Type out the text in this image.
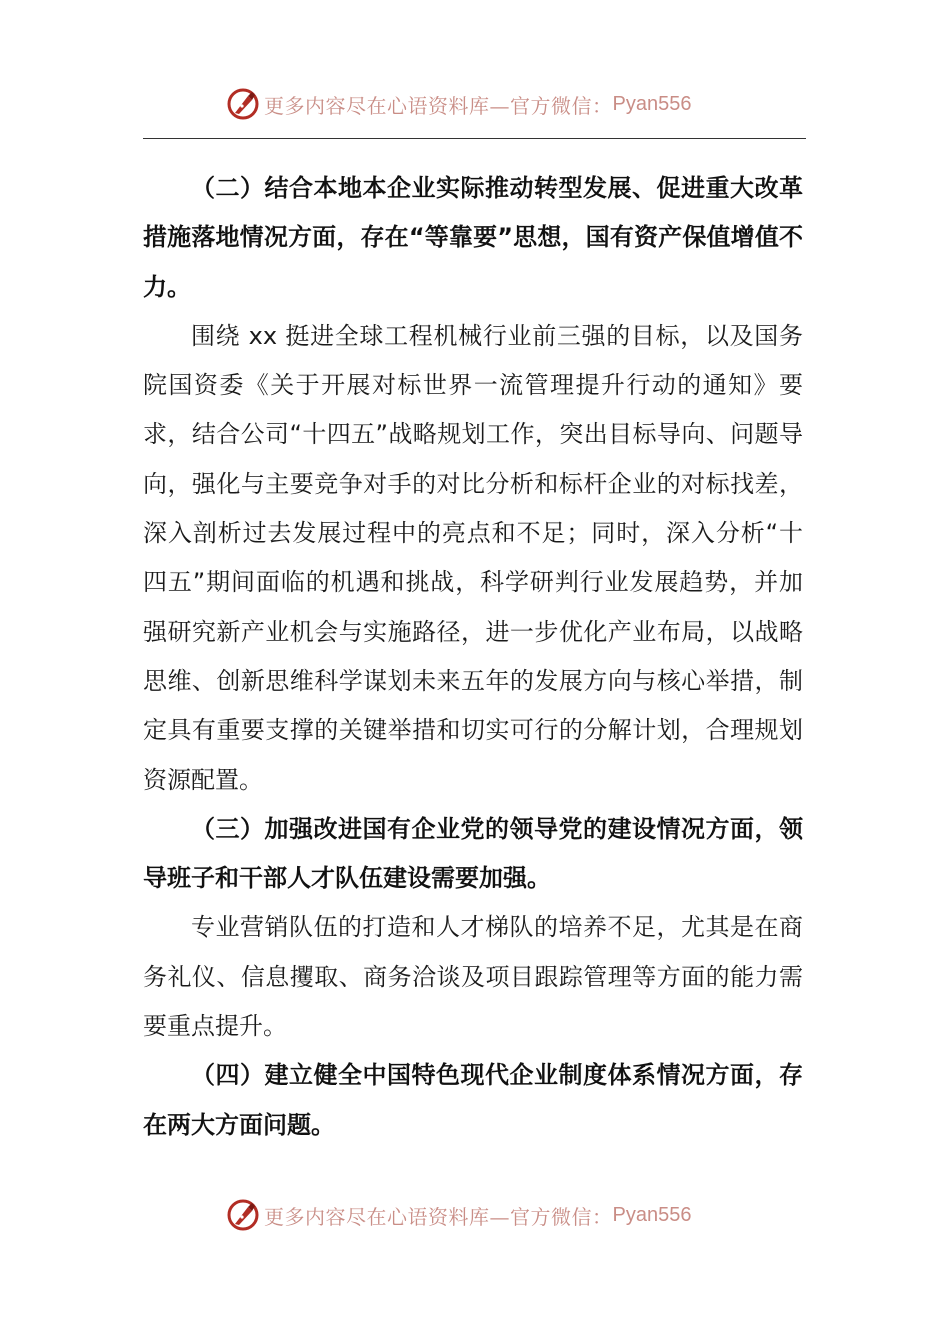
更多内容尽在心语资料库—官方微信： Pyan556

（二）结合本地本企业实际推动转型发展、促进重大改革措施落地情况方面，存在“等靠要”思想，国有资产保值增值不力。

围绕 xx 挺进全球工程机械行业前三强的目标，以及国务院国资委《关于开展对标世界一流管理提升行动的通知》要求，结合公司“十四五”战略规划工作，突出目标导向、问题导向，强化与主要竞争对手的对比分析和标杆企业的对标找差，深入剖析过去发展过程中的亮点和不足；同时，深入分析“十四五”期间面临的机遇和挑战，科学研判行业发展趋势，并加强研究新产业机会与实施路径，进一步优化产业布局，以战略思维、创新思维科学谋划未来五年的发展方向与核心举措，制定具有重要支撑的关键举措和切实可行的分解计划，合理规划资源配置。

（三）加强改进国有企业党的领导党的建设情况方面，领导班子和干部人才队伍建设需要加强。

专业营销队伍的打造和人才梯队的培养不足，尤其是在商务礼仪、信息攫取、商务洽谈及项目跟踪管理等方面的能力需要重点提升。

（四）建立健全中国特色现代企业制度体系情况方面，存在两大方面问题。

更多内容尽在心语资料库—官方微信： Pyan556
